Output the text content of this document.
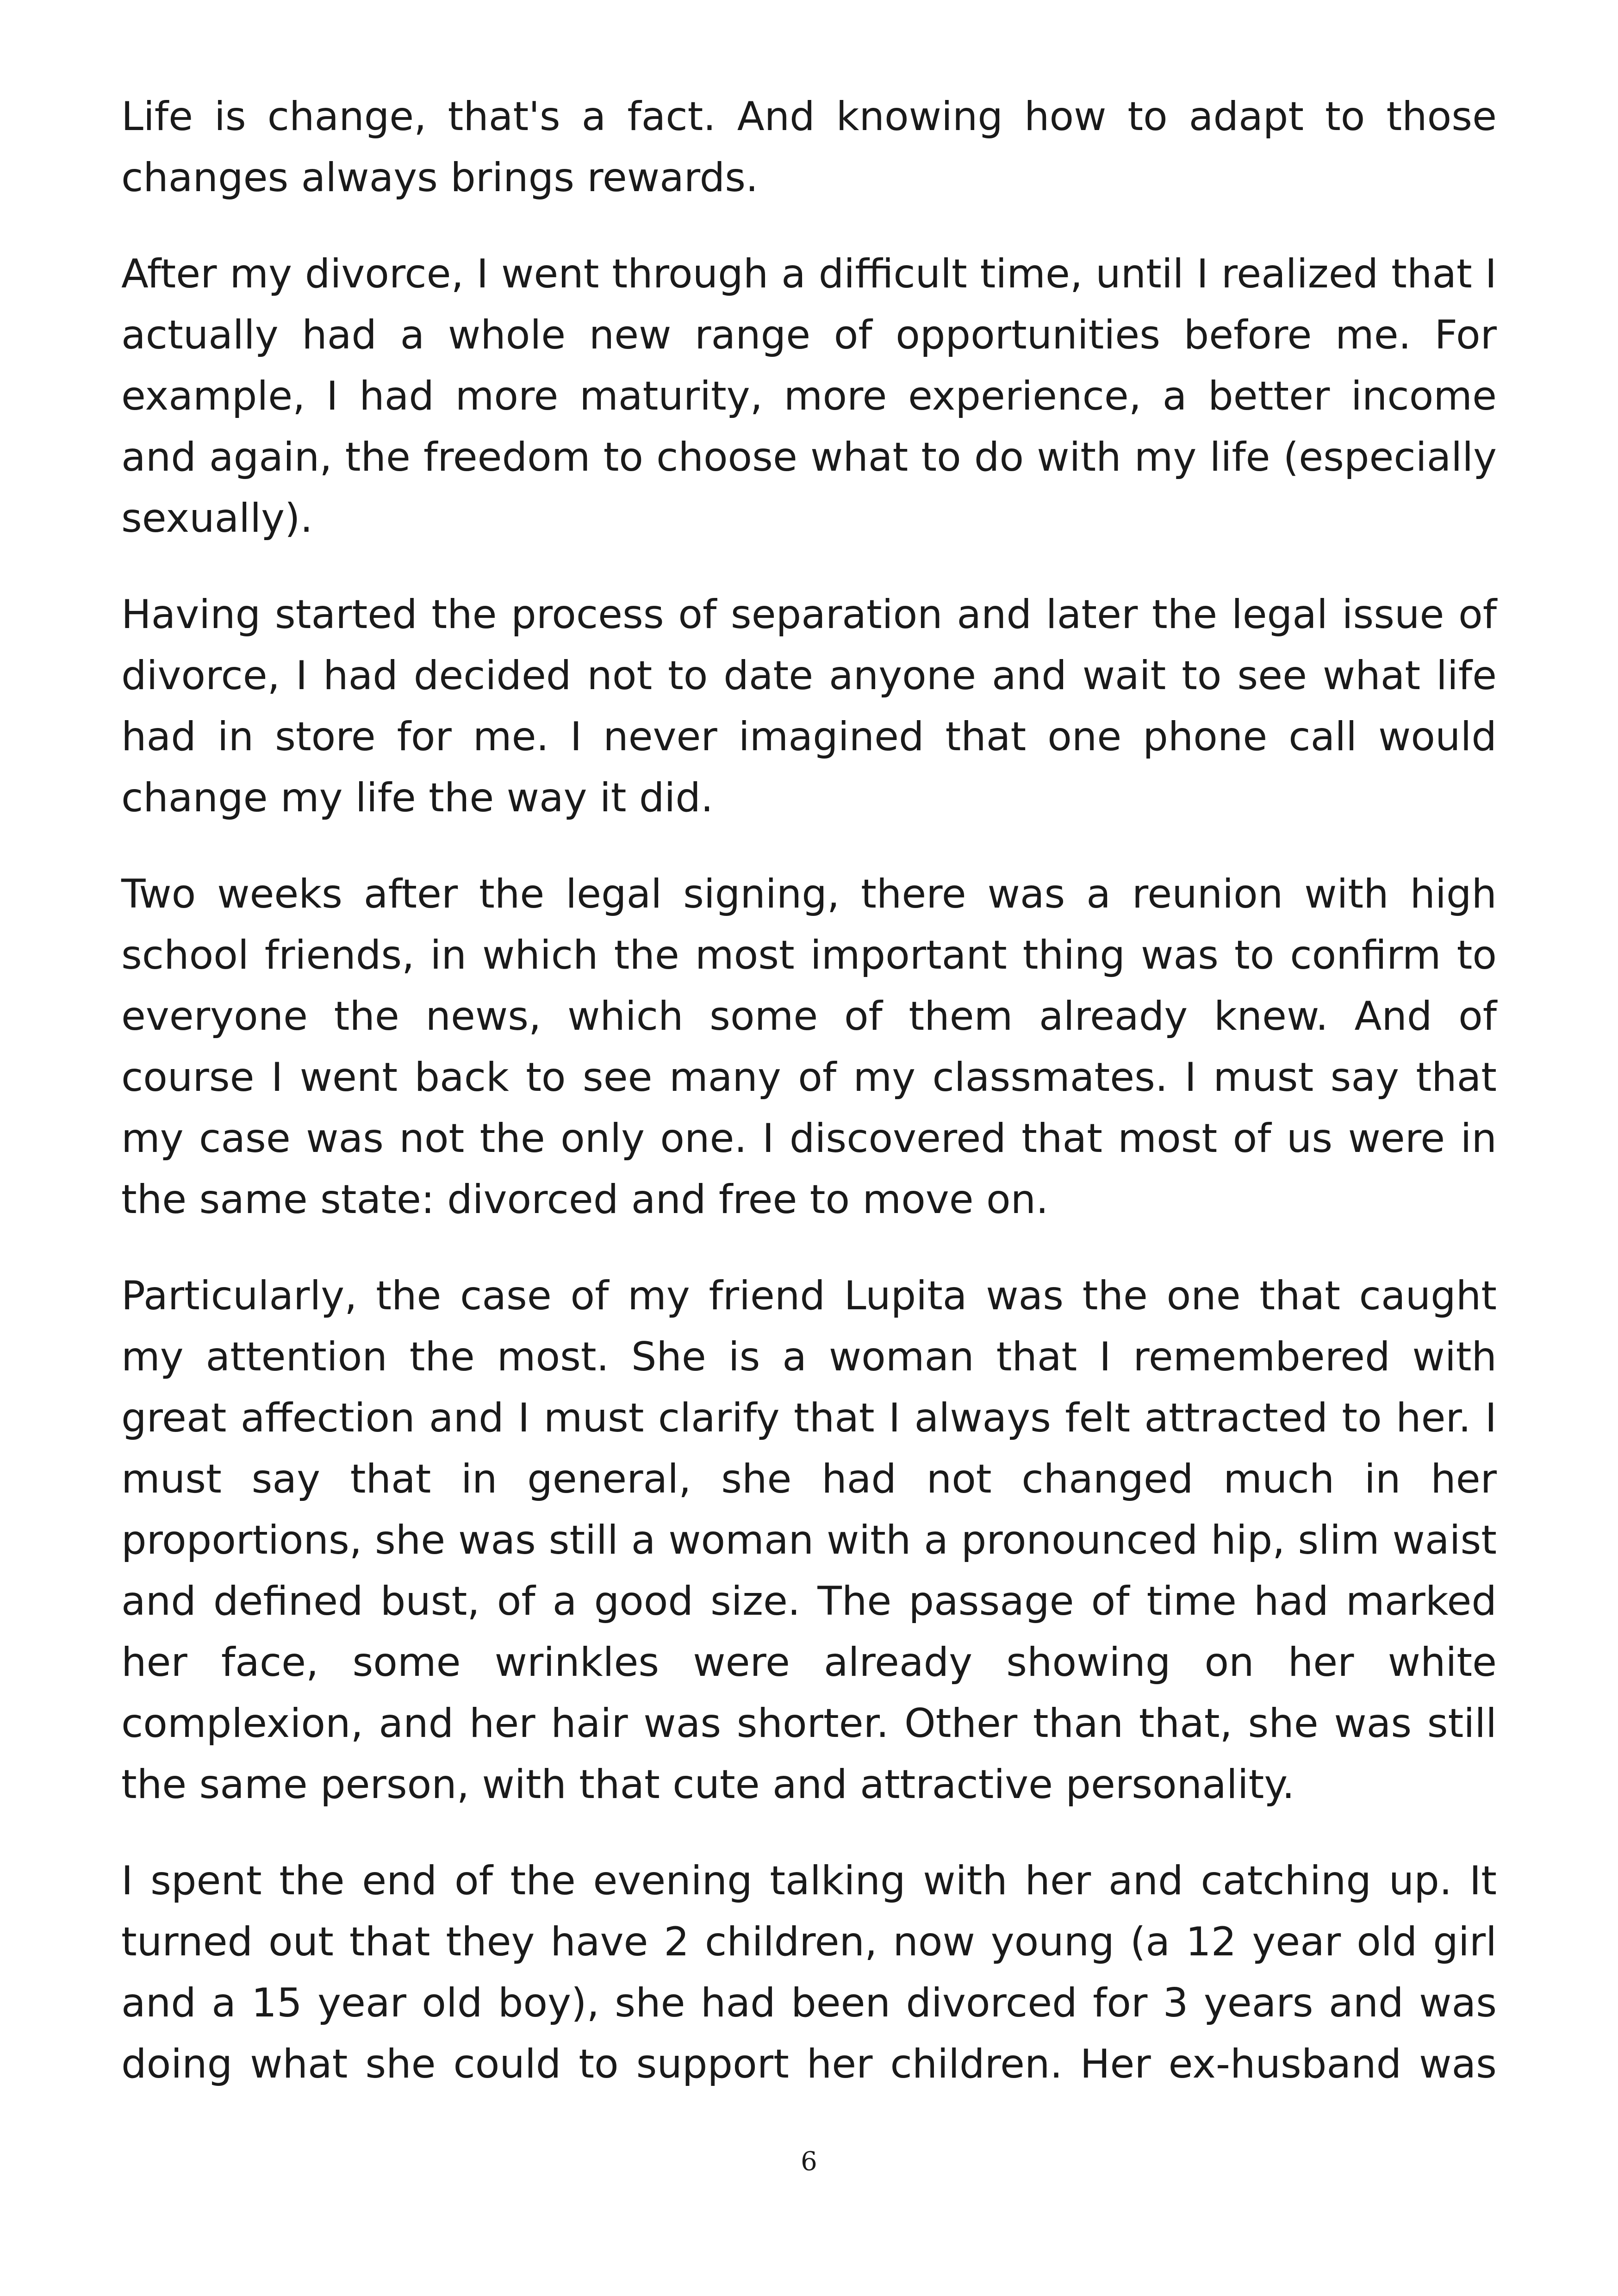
Life is change, that's a fact. And knowing how to adapt to those changes always brings rewards.

After my divorce, I went through a difficult time, until I realized that I actually had a whole new range of opportunities before me. For example, I had more maturity, more experience, a better income and again, the freedom to choose what to do with my life (especially sexually).

Having started the process of separation and later the legal issue of divorce, I had decided not to date anyone and wait to see what life had in store for me. I never imagined that one phone call would change my life the way it did.

Two weeks after the legal signing, there was a reunion with high school friends, in which the most important thing was to confirm to everyone the news, which some of them already knew. And of course I went back to see many of my classmates. I must say that my case was not the only one. I discovered that most of us were in the same state: divorced and free to move on.

Particularly, the case of my friend Lupita was the one that caught my attention the most. She is a woman that I remembered with great affection and I must clarify that I always felt attracted to her. I must say that in general, she had not changed much in her proportions, she was still a woman with a pronounced hip, slim waist and defined bust, of a good size. The passage of time had marked her face, some wrinkles were already showing on her white complexion, and her hair was shorter. Other than that, she was still the same person, with that cute and attractive personality.

I spent the end of the evening talking with her and catching up. It turned out that they have 2 children, now young (a 12 year old girl and a 15 year old boy), she had been divorced for 3 years and was doing what she could to support her children. Her ex-husband was

6
